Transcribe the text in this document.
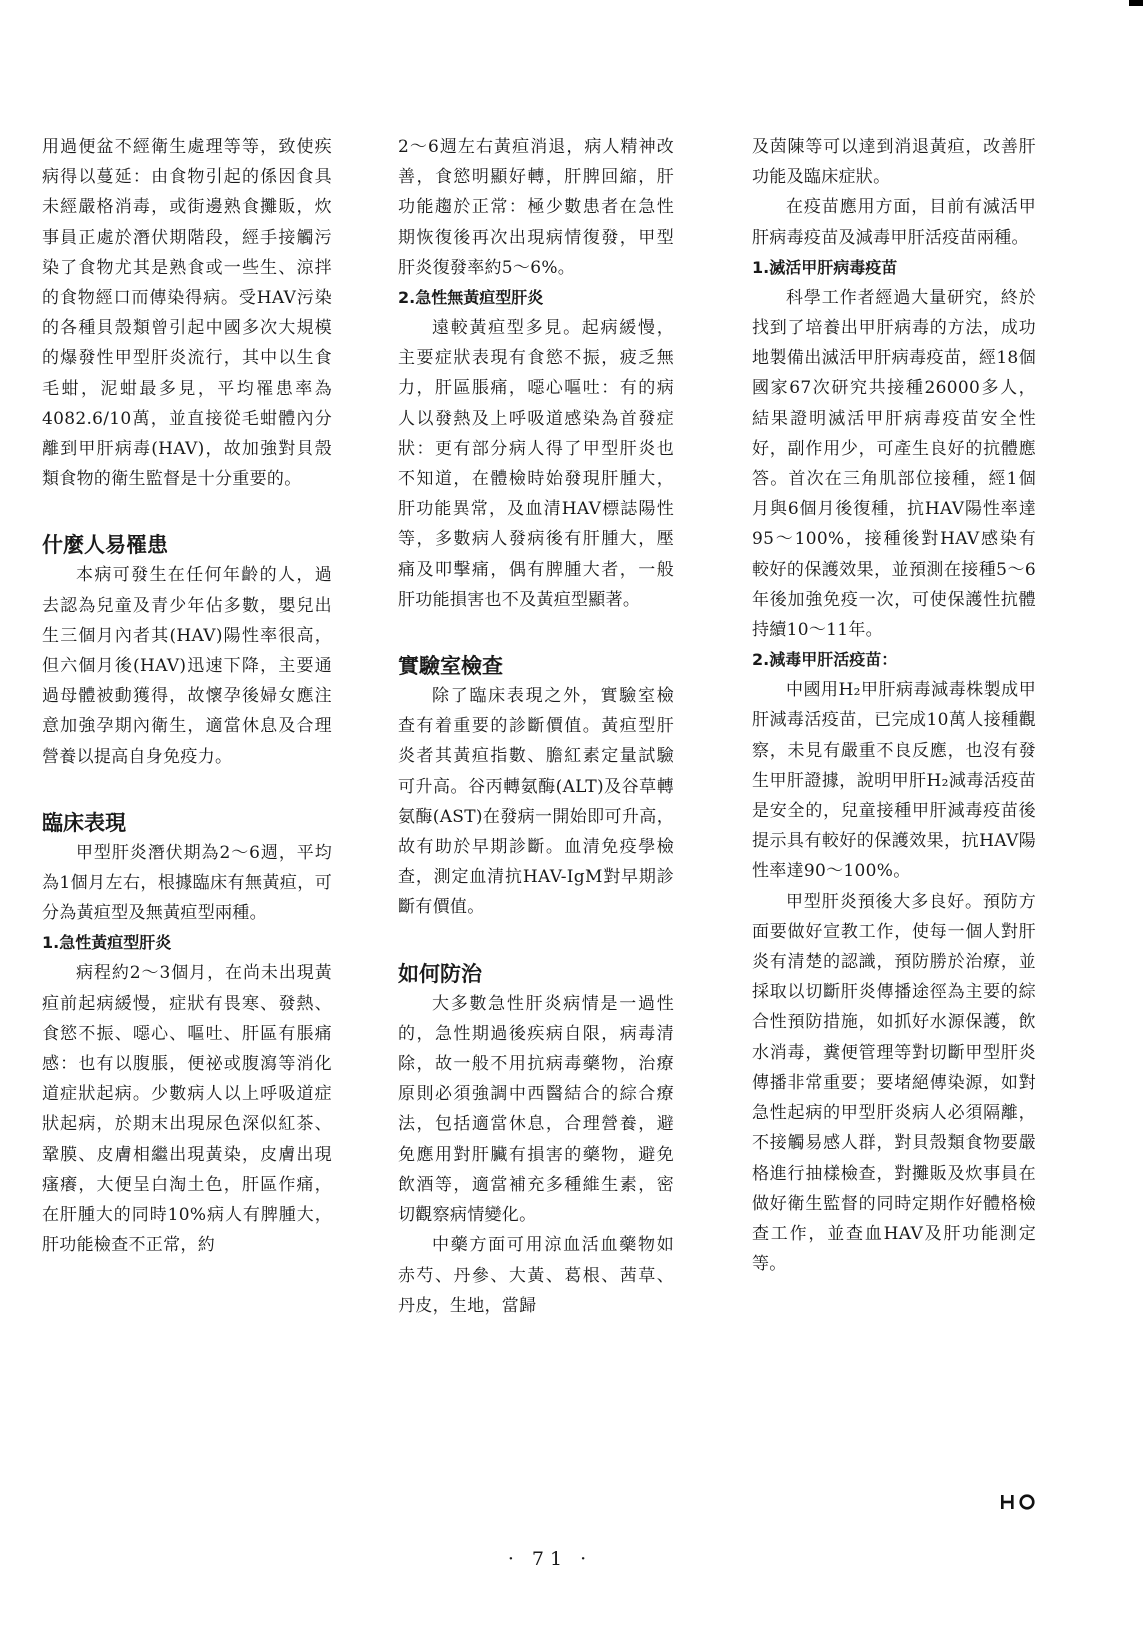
用過便盆不經衛生處理等等，致使疾病得以蔓延：由食物引起的係因食具未經嚴格消毒，或街邊熟食攤販，炊事員正處於潛伏期階段，經手接觸污染了食物尤其是熟食或一些生、涼拌的食物經口而傳染得病。受HAV污染的各種貝殼類曾引起中國多次大規模的爆發性甲型肝炎流行，其中以生食毛蚶，泥蚶最多見，平均罹患率為4082.6/10萬，並直接從毛蚶體內分離到甲肝病毒(HAV)，故加強對貝殼類食物的衛生監督是十分重要的。

什麼人易罹患

本病可發生在任何年齡的人，過去認為兒童及青少年佔多數，嬰兒出生三個月內者其(HAV)陽性率很高，但六個月後(HAV)迅速下降，主要通過母體被動獲得，故懷孕後婦女應注意加強孕期內衛生，適當休息及合理營養以提高自身免疫力。

臨床表現

甲型肝炎潛伏期為2～6週，平均為1個月左右，根據臨床有無黃疸，可分為黃疸型及無黃疸型兩種。

1.急性黃疸型肝炎

病程約2～3個月，在尚未出現黃疸前起病緩慢，症狀有畏寒、發熱、食慾不振、噁心、嘔吐、肝區有脹痛感：也有以腹脹，便祕或腹瀉等消化道症狀起病。少數病人以上呼吸道症狀起病，於期末出現尿色深似紅茶、鞏膜、皮膚相繼出現黃染，皮膚出現瘙癢，大便呈白淘土色，肝區作痛，在肝腫大的同時10%病人有脾腫大，肝功能檢查不正常，約

2～6週左右黃疸消退，病人精神改善，食慾明顯好轉，肝脾回縮，肝功能趨於正常：極少數患者在急性期恢復後再次出現病情復發，甲型肝炎復發率約5～6%。

2.急性無黃疸型肝炎

遠較黃疸型多見。起病緩慢，主要症狀表現有食慾不振，疲乏無力，肝區脹痛，噁心嘔吐：有的病人以發熱及上呼吸道感染為首發症狀：更有部分病人得了甲型肝炎也不知道，在體檢時始發現肝腫大，肝功能異常，及血清HAV標誌陽性等，多數病人發病後有肝腫大，壓痛及叩擊痛，偶有脾腫大者，一般肝功能損害也不及黃疸型顯著。

實驗室檢查

除了臨床表現之外，實驗室檢查有着重要的診斷價值。黃疸型肝炎者其黃疸指數、膽紅素定量試驗可升高。谷丙轉氨酶(ALT)及谷草轉氨酶(AST)在發病一開始即可升高，故有助於早期診斷。血清免疫學檢查，測定血清抗HAV-IgM對早期診斷有價值。

如何防治

大多數急性肝炎病情是一過性的，急性期過後疾病自限，病毒清除，故一般不用抗病毒藥物，治療原則必須強調中西醫結合的綜合療法，包括適當休息，合理營養，避免應用對肝臟有損害的藥物，避免飲酒等，適當補充多種維生素，密切觀察病情變化。

中藥方面可用涼血活血藥物如赤芍、丹參、大黃、葛根、茜草、丹皮，生地，當歸

及茵陳等可以達到消退黃疸，改善肝功能及臨床症狀。

在疫苗應用方面，目前有滅活甲肝病毒疫苗及減毒甲肝活疫苗兩種。

1.滅活甲肝病毒疫苗

科學工作者經過大量研究，終於找到了培養出甲肝病毒的方法，成功地製備出滅活甲肝病毒疫苗，經18個國家67次研究共接種26000多人，結果證明滅活甲肝病毒疫苗安全性好，副作用少，可產生良好的抗體應答。首次在三角肌部位接種，經1個月與6個月後復種，抗HAV陽性率達95～100%，接種後對HAV感染有較好的保護效果，並預測在接種5～6年後加強免疫一次，可使保護性抗體持續10～11年。

2.減毒甲肝活疫苗：

中國用H₂甲肝病毒減毒株製成甲肝減毒活疫苗，已完成10萬人接種觀察，未見有嚴重不良反應，也沒有發生甲肝證據，說明甲肝H₂減毒活疫苗是安全的，兒童接種甲肝減毒疫苗後提示具有較好的保護效果，抗HAV陽性率達90～100%。

甲型肝炎預後大多良好。預防方面要做好宣教工作，使每一個人對肝炎有清楚的認識，預防勝於治療，並採取以切斷肝炎傳播途徑為主要的綜合性預防措施，如抓好水源保護，飲水消毒，糞便管理等對切斷甲型肝炎傳播非常重要；要堵絕傳染源，如對急性起病的甲型肝炎病人必須隔離，不接觸易感人群，對貝殼類食物要嚴格進行抽樣檢查，對攤販及炊事員在做好衛生監督的同時定期作好體格檢查工作，並查血HAV及肝功能測定等。

· 71 ·
